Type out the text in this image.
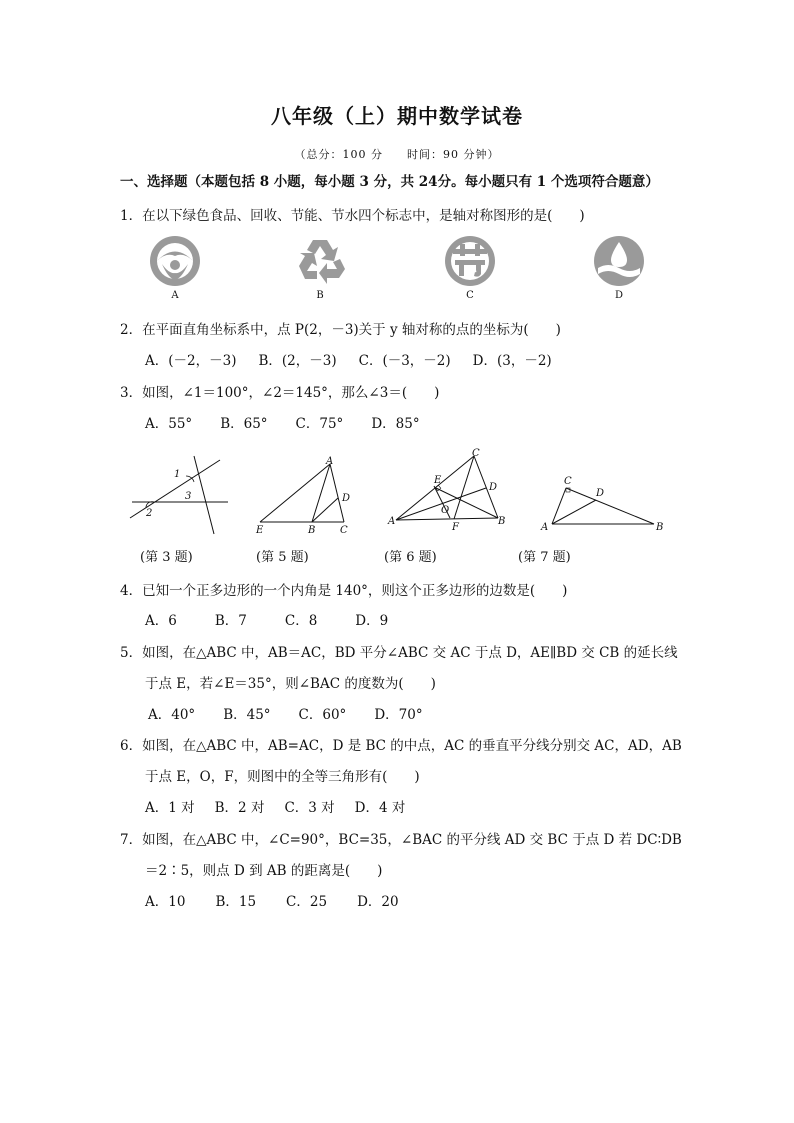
八年级（上）期中数学试卷
（总分：100 分　　时间：90 分钟）
一、选择题（本题包括 8 小题，每小题 3 分，共 24分。每小题只有 1 个选项符合题意）
1．在以下绿色食品、回收、节能、节水四个标志中，是轴对称图形的是(　　)
A	B	C	D
2．在平面直角坐标系中，点 P(2，－3)关于 y 轴对称的点的坐标为(　　)
A．(－2，－3) B．(2，－3) C．(－3，－2) D．(3，－2)
3．如图，∠1＝100°，∠2＝145°，那么∠3＝(　　)
A．55° B．65° C．75° D．85°
1
2
3
A
D
E	B C
C
E
D
O
A
F
B
C
D
A	B
(第 3 题)	(第 5 题)	(第 6 题)	(第 7 题)
4．已知一个正多边形的一个内角是 140°，则这个正多边形的边数是(　　)
A．6	B．7	C．8	D．9
5．如图，在△ABC 中，AB＝AC，BD 平分∠ABC 交 AC 于点 D，AE∥BD 交 CB 的延长线
于点 E，若∠E＝35°，则∠BAC 的度数为(　　)
A．40° B．45° C．60° D．70°
6．如图，在△ABC 中，AB=AC，D 是 BC 的中点，AC 的垂直平分线分别交 AC，AD，AB
于点 E，O，F，则图中的全等三角形有(　　)
A．1 对 B．2 对 C．3 对 D．4 对
7．如图，在△ABC 中，∠C=90°，BC=35，∠BAC 的平分线 AD 交 BC 于点 D 若 DC∶DB
＝2∶5，则点 D 到 AB 的距离是(　　)
A．10 B．15 C．25 D．20
